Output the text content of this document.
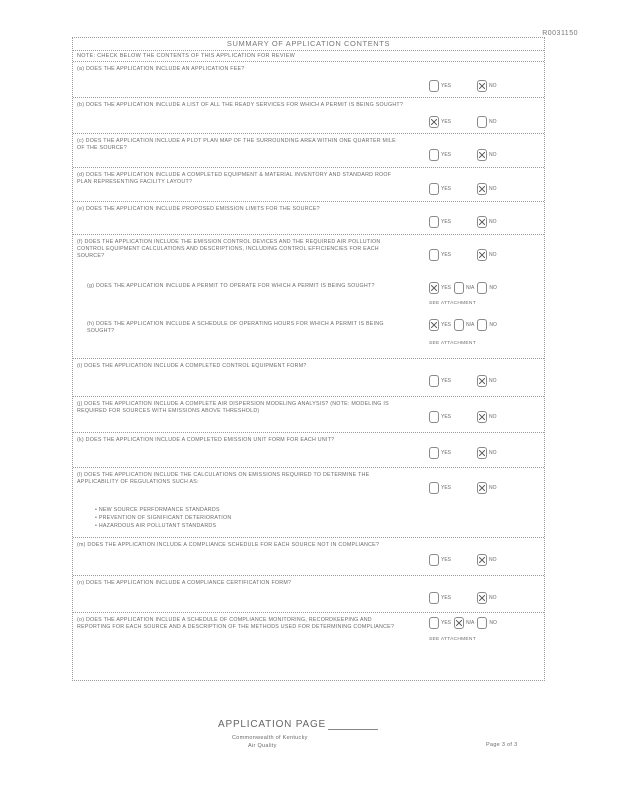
R0031150
SUMMARY OF APPLICATION CONTENTS
NOTE: CHECK BELOW THE CONTENTS OF THIS APPLICATION FOR REVIEW
(a) DOES THE APPLICATION INCLUDE AN APPLICATION FEE?
YES	NO
(b) DOES THE APPLICATION INCLUDE A LIST OF ALL THE READY SERVICES FOR WHICH A PERMIT IS BEING SOUGHT?
YES	NO
(c) DOES THE APPLICATION INCLUDE A PLOT PLAN MAP OF THE SURROUNDING AREA WITHIN ONE QUARTER MILE OF THE SOURCE?
YES	NO
(d) DOES THE APPLICATION INCLUDE A COMPLETED EQUIPMENT & MATERIAL INVENTORY AND STANDARD ROOF PLAN REPRESENTING FACILITY LAYOUT?
YES	NO
(e) DOES THE APPLICATION INCLUDE PROPOSED EMISSION LIMITS FOR THE SOURCE?
YES	NO
(f) DOES THE APPLICATION INCLUDE THE EMISSION CONTROL DEVICES AND THE REQUIRED AIR POLLUTION CONTROL EQUIPMENT CALCULATIONS AND DESCRIPTIONS, INCLUDING CONTROL EFFICIENCIES FOR EACH SOURCE?	YES	NO
(g) DOES THE APPLICATION INCLUDE A PERMIT TO OPERATE FOR WHICH A PERMIT IS BEING SOUGHT?	YES	N/A	NO
SEE ATTACHMENT
(h) DOES THE APPLICATION INCLUDE A SCHEDULE OF OPERATING HOURS FOR WHICH A PERMIT IS BEING SOUGHT?
YES	N/A	NO
SEE ATTACHMENT
(i) DOES THE APPLICATION INCLUDE A COMPLETED CONTROL EQUIPMENT FORM?
YES	NO
(j) DOES THE APPLICATION INCLUDE A COMPLETE AIR DISPERSION MODELING ANALYSIS? (NOTE: MODELING IS REQUIRED FOR SOURCES WITH EMISSIONS ABOVE THRESHOLD)
YES	NO
(k) DOES THE APPLICATION INCLUDE A COMPLETED EMISSION UNIT FORM FOR EACH UNIT?
YES	NO
(l) DOES THE APPLICATION INCLUDE THE CALCULATIONS ON EMISSIONS REQUIRED TO DETERMINE THE APPLICABILITY OF REGULATIONS SUCH AS:
YES	NO
• NEW SOURCE PERFORMANCE STANDARDS
• PREVENTION OF SIGNIFICANT DETERIORATION
• HAZARDOUS AIR POLLUTANT STANDARDS
(m) DOES THE APPLICATION INCLUDE A COMPLIANCE SCHEDULE FOR EACH SOURCE NOT IN COMPLIANCE?
YES	NO
(n) DOES THE APPLICATION INCLUDE A COMPLIANCE CERTIFICATION FORM?
YES	NO
(o) DOES THE APPLICATION INCLUDE A SCHEDULE OF COMPLIANCE MONITORING, RECORDKEEPING AND REPORTING FOR EACH SOURCE AND A DESCRIPTION OF THE METHODS USED FOR DETERMINING COMPLIANCE?
YES	N/A	NO
SEE ATTACHMENT
APPLICATION PAGE
Commonwealth of Kentucky
Air Quality	Page 3 of 3
